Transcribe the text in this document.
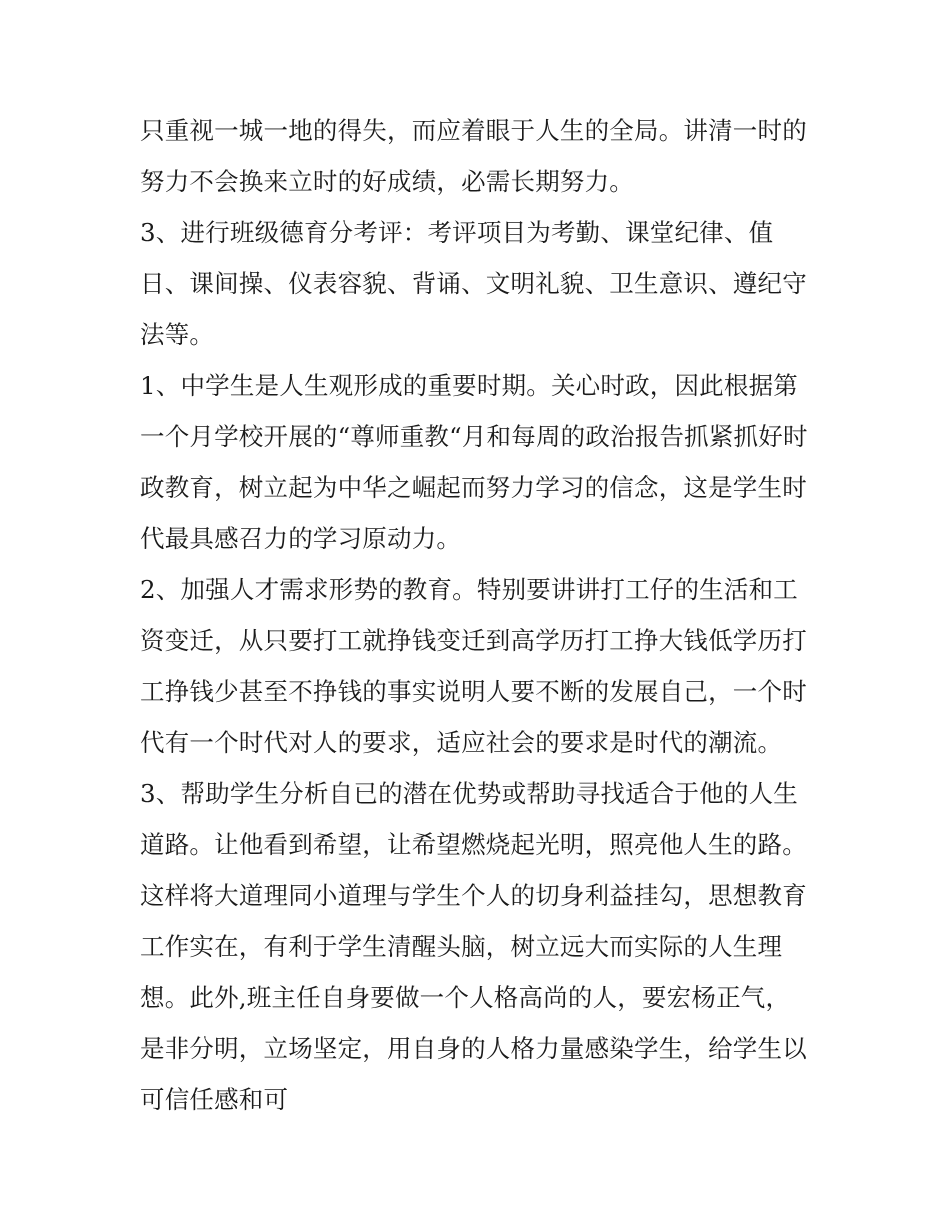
只重视一城一地的得失，而应着眼于人生的全局。讲清一时的
努力不会换来立时的好成绩，必需长期努力。
3、进行班级德育分考评：考评项目为考勤、课堂纪律、值
日、课间操、仪表容貌、背诵、文明礼貌、卫生意识、遵纪守
法等。
1、中学生是人生观形成的重要时期。关心时政，因此根据第
一个月学校开展的“尊师重教“月和每周的政治报告抓紧抓好时
政教育，树立起为中华之崛起而努力学习的信念，这是学生时
代最具感召力的学习原动力。
2、加强人才需求形势的教育。特别要讲讲打工仔的生活和工
资变迁，从只要打工就挣钱变迁到高学历打工挣大钱低学历打
工挣钱少甚至不挣钱的事实说明人要不断的发展自己，一个时
代有一个时代对人的要求，适应社会的要求是时代的潮流。
3、帮助学生分析自已的潜在优势或帮助寻找适合于他的人生
道路。让他看到希望，让希望燃烧起光明，照亮他人生的路。
这样将大道理同小道理与学生个人的切身利益挂勾，思想教育
工作实在，有利于学生清醒头脑，树立远大而实际的人生理
想。此外,班主任自身要做一个人格高尚的人，要宏杨正气，
是非分明，立场坚定，用自身的人格力量感染学生，给学生以
可信任感和可
